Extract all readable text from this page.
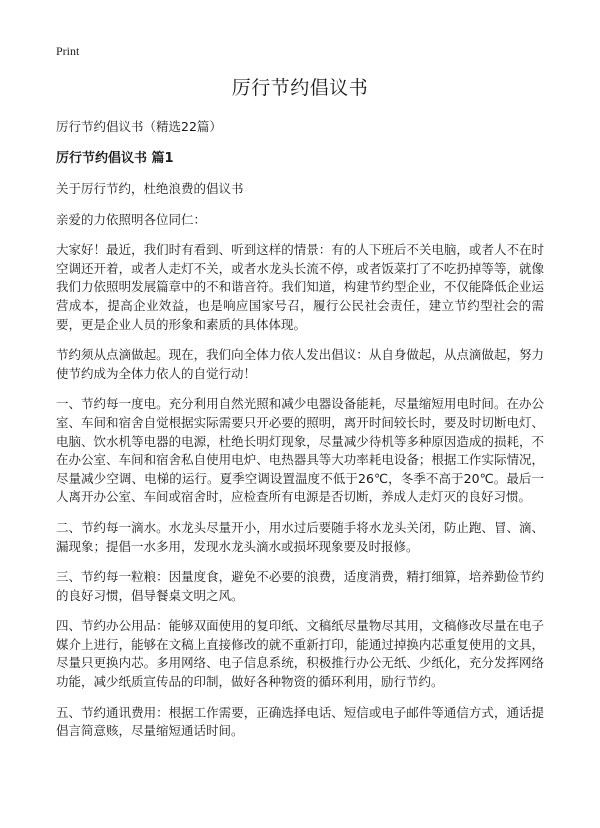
Print
厉行节约倡议书
厉行节约倡议书（精选22篇）
厉行节约倡议书 篇1

关于厉行节约，杜绝浪费的倡议书

亲爱的力依照明各位同仁：

大家好！最近，我们时有看到、听到这样的情景：有的人下班后不关电脑，或者人不在时空调还开着，或者人走灯不关，或者水龙头长流不停，或者饭菜打了不吃扔掉等等，就像我们力依照明发展篇章中的不和谐音符。我们知道，构建节约型企业，不仅能降低企业运营成本，提高企业效益，也是响应国家号召，履行公民社会责任，建立节约型社会的需要，更是企业人员的形象和素质的具体体现。

节约须从点滴做起。现在，我们向全体力依人发出倡议：从自身做起，从点滴做起，努力使节约成为全体力依人的自觉行动！

一、节约每一度电。充分利用自然光照和减少电器设备能耗，尽量缩短用电时间。在办公室、车间和宿舍自觉根据实际需要只开必要的照明，离开时间较长时，要及时切断电灯、电脑、饮水机等电器的电源，杜绝长明灯现象，尽量减少待机等多种原因造成的损耗，不在办公室、车间和宿舍私自使用电炉、电热器具等大功率耗电设备；根据工作实际情况，尽量减少空调、电梯的运行。夏季空调设置温度不低于26℃，冬季不高于20℃。最后一人离开办公室、车间或宿舍时，应检查所有电源是否切断，养成人走灯灭的良好习惯。

二、节约每一滴水。水龙头尽量开小，用水过后要随手将水龙头关闭，防止跑、冒、滴、漏现象；提倡一水多用，发现水龙头滴水或损坏现象要及时报修。

三、节约每一粒粮：因量度食，避免不必要的浪费，适度消费，精打细算，培养勤俭节约的良好习惯，倡导餐桌文明之风。

四、节约办公用品：能够双面使用的复印纸、文稿纸尽量物尽其用，文稿修改尽量在电子媒介上进行，能够在文稿上直接修改的就不重新打印，能通过掉换内芯重复使用的文具，尽量只更换内芯。多用网络、电子信息系统，积极推行办公无纸、少纸化，充分发挥网络功能，减少纸质宣传品的印制，做好各种物资的循环利用，励行节约。

五、节约通讯费用：根据工作需要，正确选择电话、短信或电子邮件等通信方式，通话提倡言简意赅，尽量缩短通话时间。
